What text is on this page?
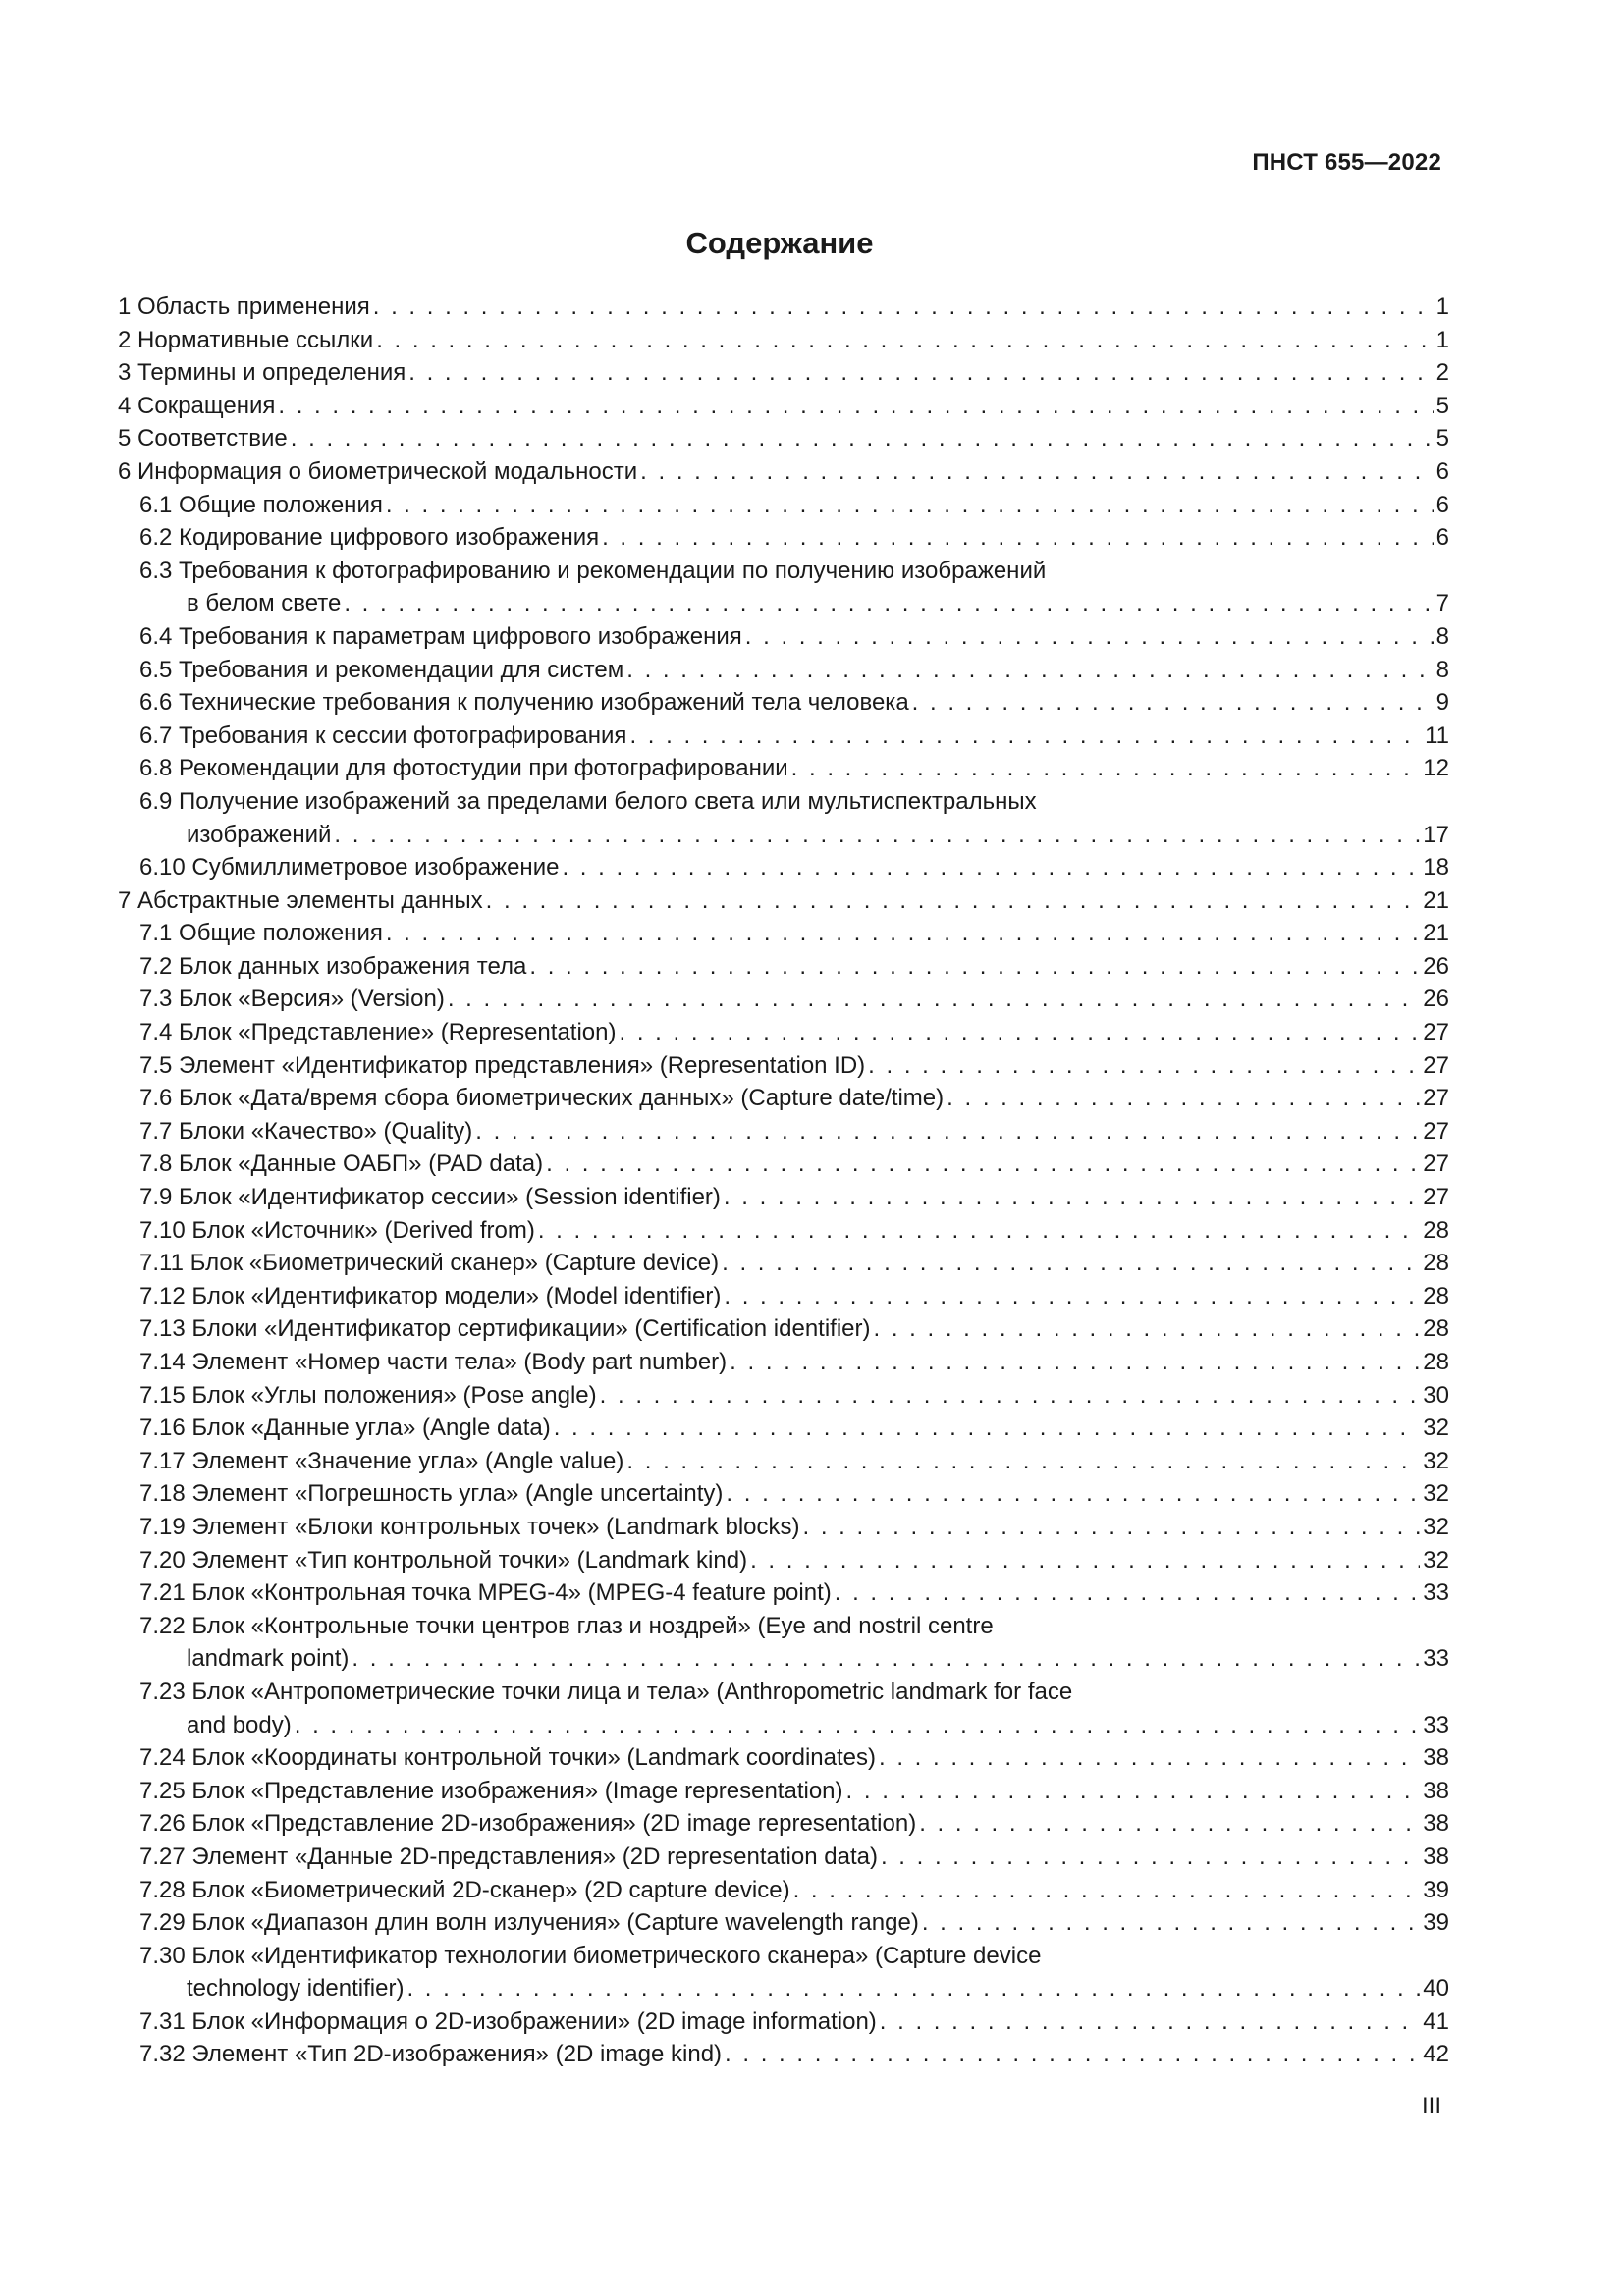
ПНСТ 655—2022
Содержание
1 Область применения . . .	1
2 Нормативные ссылки . . .	1
3 Термины и определения . . .	2
4 Сокращения . . .	5
5 Соответствие . . .	5
6 Информация о биометрической модальности . . .	6
6.1 Общие положения . . .	6
6.2 Кодирование цифрового изображения . . .	6
6.3 Требования к фотографированию и рекомендации по получению изображений
в белом свете . . .	7
6.4 Требования к параметрам цифрового изображения . . .	8
6.5 Требования и рекомендации для систем . . .	8
6.6 Технические требования к получению изображений тела человека . . .	9
6.7 Требования к сессии фотографирования . . .	11
6.8 Рекомендации для фотостудии при фотографировании . . .	12
6.9 Получение изображений за пределами белого света или мультиспектральных
изображений . . .	17
6.10 Субмиллиметровое изображение . . .	18
7 Абстрактные элементы данных . . .	21
7.1 Общие положения . . .	21
7.2 Блок данных изображения тела . . .	26
7.3 Блок «Версия» (Version) . . .	26
7.4 Блок «Представление» (Representation) . . .	27
7.5 Элемент «Идентификатор представления» (Representation ID) . . .	27
7.6 Блок «Дата/время сбора биометрических данных» (Capture date/time) . . .	27
7.7 Блоки «Качество» (Quality) . . .	27
7.8 Блок «Данные ОАБП» (PAD data) . . .	27
7.9 Блок «Идентификатор сессии» (Session identifier) . . .	27
7.10 Блок «Источник» (Derived from) . . .	28
7.11 Блок «Биометрический сканер» (Capture device) . . .	28
7.12 Блок «Идентификатор модели» (Model identifier) . . .	28
7.13 Блоки «Идентификатор сертификации» (Certification identifier) . . .	28
7.14 Элемент «Номер части тела» (Body part number) . . .	28
7.15 Блок «Углы положения» (Pose angle) . . .	30
7.16 Блок «Данные угла» (Angle data) . . .	32
7.17 Элемент «Значение угла» (Angle value) . . .	32
7.18 Элемент «Погрешность угла» (Angle uncertainty) . . .	32
7.19 Элемент «Блоки контрольных точек» (Landmark blocks) . . .	32
7.20 Элемент «Тип контрольной точки» (Landmark kind) . . .	32
7.21 Блок «Контрольная точка MPEG-4» (MPEG-4 feature point) . . .	33
7.22 Блок «Контрольные точки центров глаз и ноздрей» (Eye and nostril centre
landmark point) . . .	33
7.23 Блок «Антропометрические точки лица и тела» (Anthropometric landmark for face
and body) . . .	33
7.24 Блок «Координаты контрольной точки» (Landmark coordinates) . . .	38
7.25 Блок «Представление изображения» (Image representation) . . .	38
7.26 Блок «Представление 2D-изображения» (2D image representation) . . .	38
7.27 Элемент «Данные 2D-представления» (2D representation data) . . .	38
7.28 Блок «Биометрический 2D-сканер» (2D capture device) . . .	39
7.29 Блок «Диапазон длин волн излучения» (Capture wavelength range) . . .	39
7.30 Блок «Идентификатор технологии биометрического сканера» (Capture device
technology identifier) . . .	40
7.31 Блок «Информация о 2D-изображении» (2D image information) . . .	41
7.32 Элемент «Тип 2D-изображения» (2D image kind) . . .	42
III
